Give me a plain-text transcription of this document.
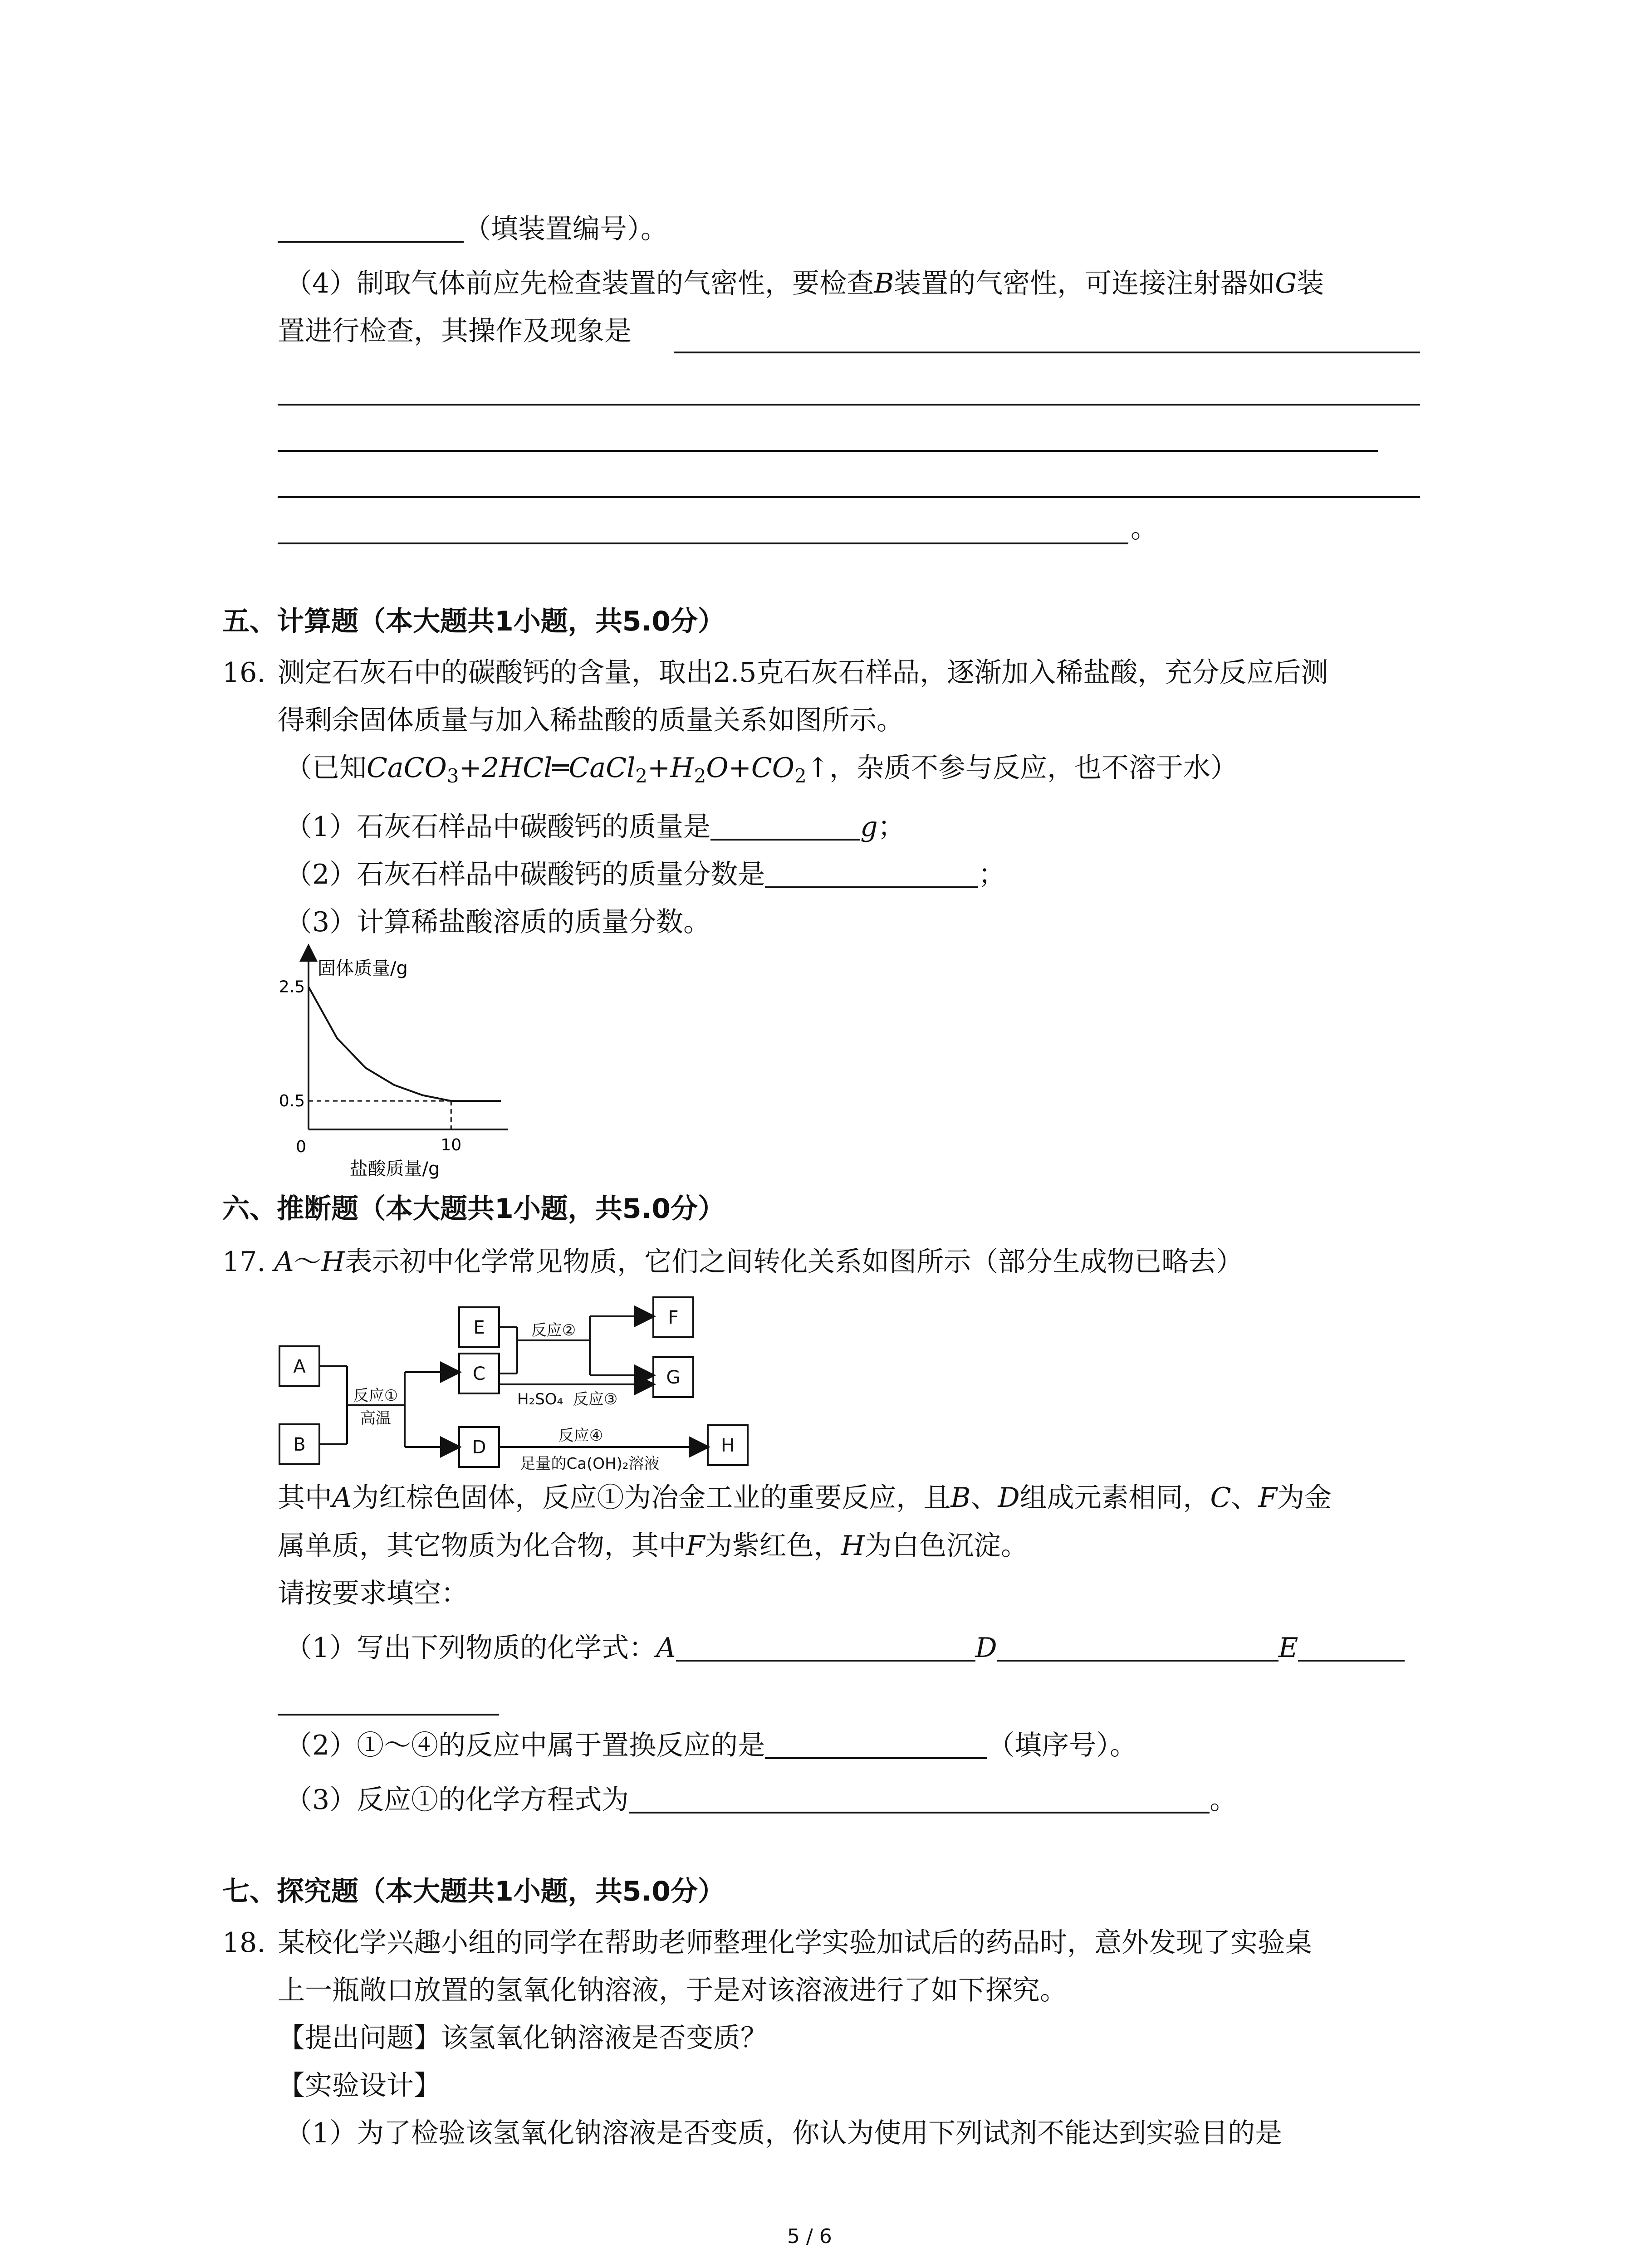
（填装置编号）。
（4）制取气体前应先检查装置的气密性，要检查B装置的气密性，可连接注射器如G装
置进行检查，其操作及现象是
。
五、计算题（本大题共1小题，共5.0分）
16. 测定石灰石中的碳酸钙的含量，取出2.5克石灰石样品，逐渐加入稀盐酸，充分反应后测
得剩余固体质量与加入稀盐酸的质量关系如图所示。
（已知$CaCO_3+2HCl═CaCl_2+H_2O+CO_2↑$，杂质不参与反应，也不溶于水）
（1）石灰石样品中碳酸钙的质量是	g；
（2）石灰石样品中碳酸钙的质量分数是	；
（3）计算稀盐酸溶质的质量分数。
固体质量/g
盐酸质量/g
0
2.5
0.5
10
六、推断题（本大题共1小题，共5.0分）
17. A～H表示初中化学常见物质，它们之间转化关系如图所示（部分生成物已略去）
A
B
E
C
D
F
G
H
反应①
高温
反应②
H₂SO₄ 反应③
反应④
足量的Ca(OH)₂溶液
其中A为红棕色固体，反应①为冶金工业的重要反应，且B、D组成元素相同，C、F为金
属单质，其它物质为化合物，其中F为紫红色，H为白色沉淀。
请按要求填空：
（1）写出下列物质的化学式：A	D	E
（2）①～④的反应中属于置换反应的是	（填序号）。
（3）反应①的化学方程式为	。
七、探究题（本大题共1小题，共5.0分）
18. 某校化学兴趣小组的同学在帮助老师整理化学实验加试后的药品时，意外发现了实验桌
上一瓶敞口放置的氢氧化钠溶液，于是对该溶液进行了如下探究。
【提出问题】该氢氧化钠溶液是否变质？
【实验设计】
（1）为了检验该氢氧化钠溶液是否变质，你认为使用下列试剂不能达到实验目的是
5 / 6
